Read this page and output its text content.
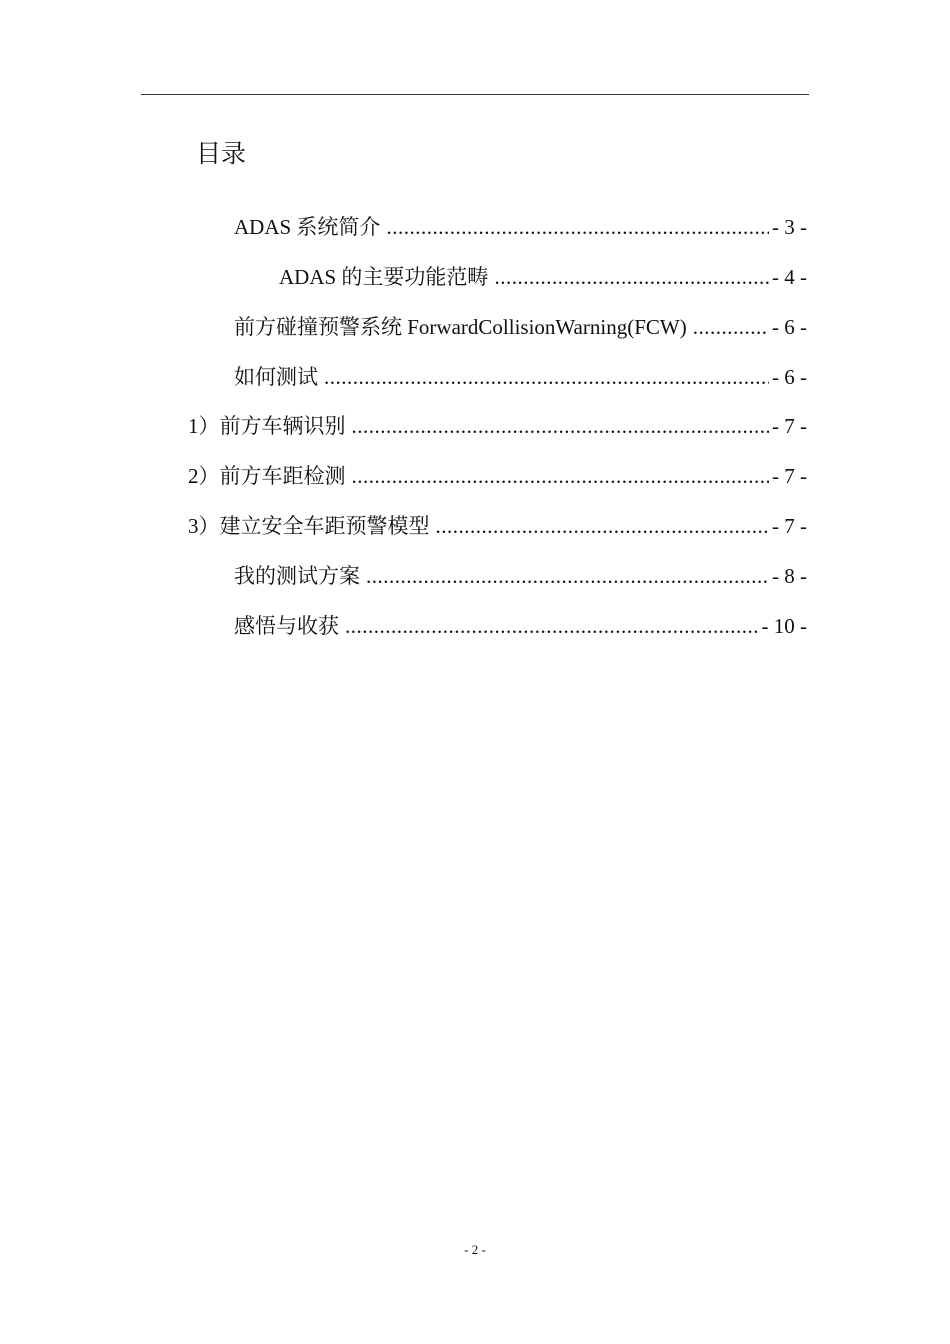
目录
ADAS 系统简介 .....	- 3 -
ADAS 的主要功能范畴 .....	- 4 -
前方碰撞预警系统 ForwardCollisionWarning(FCW) .....	- 6 -
如何测试 .....	- 6 -
1）前方车辆识别 .....	- 7 -
2）前方车距检测 .....	- 7 -
3）建立安全车距预警模型 .....	- 7 -
我的测试方案 .....	- 8 -
感悟与收获 .....	- 10 -
- 2 -
